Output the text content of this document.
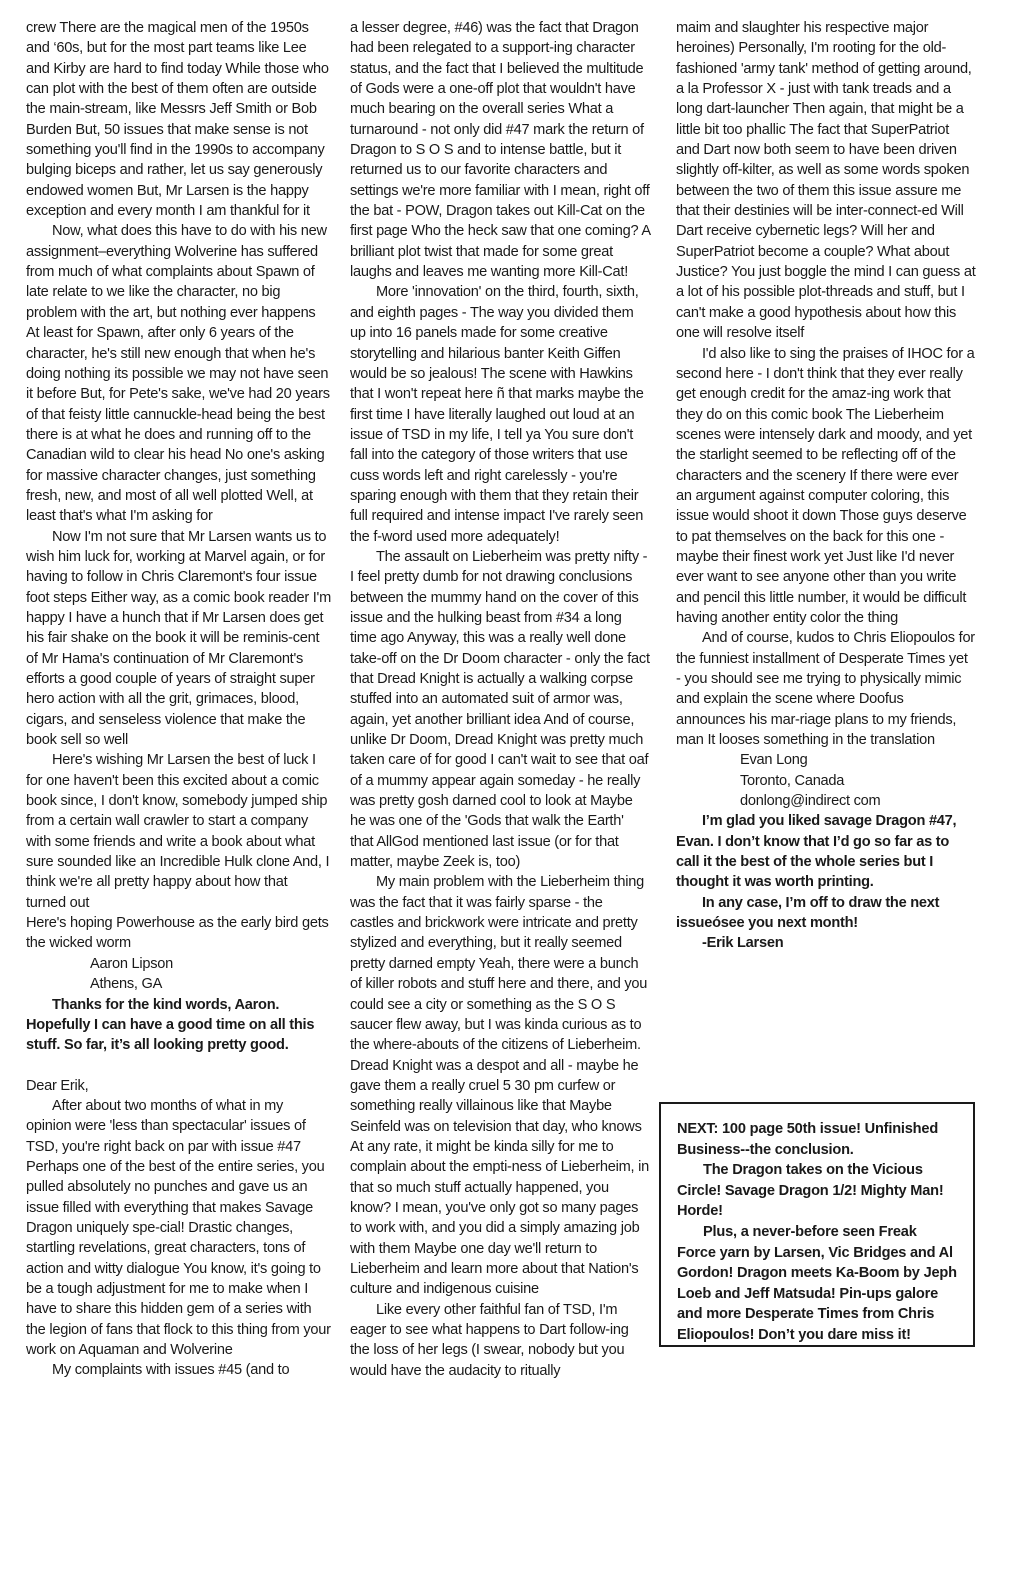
crew There are the magical men of the 1950s and ‘60s, but for the most part teams like Lee and Kirby are hard to find today While those who can plot with the best of them often are outside the main-stream, like Messrs Jeff Smith or Bob Burden But, 50 issues that make sense is not something you'll find in the 1990s to accompany bulging biceps and rather, let us say generously endowed women But, Mr Larsen is the happy exception and every month I am thankful for it

Now, what does this have to do with his new assignment–everything Wolverine has suffered from much of what complaints about Spawn of late relate to we like the character, no big problem with the art, but nothing ever happens At least for Spawn, after only 6 years of the character, he's still new enough that when he's doing nothing its possible we may not have seen it before But, for Pete's sake, we've had 20 years of that feisty little cannuckle-head being the best there is at what he does and running off to the Canadian wild to clear his head No one's asking for massive character changes, just something fresh, new, and most of all well plotted Well, at least that's what I'm asking for

Now I'm not sure that Mr Larsen wants us to wish him luck for, working at Marvel again, or for having to follow in Chris Claremont's four issue foot steps Either way, as a comic book reader I'm happy I have a hunch that if Mr Larsen does get his fair shake on the book it will be reminis-cent of Mr Hama's continuation of Mr Claremont's efforts a good couple of years of straight super hero action with all the grit, grimaces, blood, cigars, and senseless violence that make the book sell so well

Here's wishing Mr Larsen the best of luck I for one haven't been this excited about a comic book since, I don't know, somebody jumped ship from a certain wall crawler to start a company with some friends and write a book about what sure sounded like an Incredible Hulk clone And, I think we're all pretty happy about how that turned out

Here's hoping Powerhouse as the early bird gets the wicked worm

Aaron Lipson

Athens, GA

Thanks for the kind words, Aaron. Hopefully I can have a good time on all this stuff. So far, it’s all looking pretty good.

Dear Erik,

After about two months of what in my opinion were 'less than spectacular' issues of TSD, you're right back on par with issue #47 Perhaps one of the best of the entire series, you pulled absolutely no punches and gave us an issue filled with everything that makes Savage Dragon uniquely spe-cial! Drastic changes, startling revelations, great characters, tons of action and witty dialogue You know, it's going to be a tough adjustment for me to make when I have to share this hidden gem of a series with the legion of fans that flock to this thing from your work on Aquaman and Wolverine

My complaints with issues #45 (and to

a lesser degree, #46) was the fact that Dragon had been relegated to a support-ing character status, and the fact that I believed the multitude of Gods were a one-off plot that wouldn't have much bearing on the overall series What a turnaround - not only did #47 mark the return of Dragon to S O S and to intense battle, but it returned us to our favorite characters and settings we're more familiar with I mean, right off the bat - POW, Dragon takes out Kill-Cat on the first page Who the heck saw that one coming? A brilliant plot twist that made for some great laughs and leaves me wanting more Kill-Cat!

More 'innovation' on the third, fourth, sixth, and eighth pages - The way you divided them up into 16 panels made for some creative storytelling and hilarious banter Keith Giffen would be so jealous! The scene with Hawkins that I won't repeat here ñ that marks maybe the first time I have literally laughed out loud at an issue of TSD in my life, I tell ya You sure don't fall into the category of those writers that use cuss words left and right carelessly - you're sparing enough with them that they retain their full required and intense impact I've rarely seen the f-word used more adequately!

The assault on Lieberheim was pretty nifty - I feel pretty dumb for not drawing conclusions between the mummy hand on the cover of this issue and the hulking beast from #34 a long time ago Anyway, this was a really well done take-off on the Dr Doom character - only the fact that Dread Knight is actually a walking corpse stuffed into an automated suit of armor was, again, yet another brilliant idea And of course, unlike Dr Doom, Dread Knight was pretty much taken care of for good I can't wait to see that oaf of a mummy appear again someday - he really was pretty gosh darned cool to look at Maybe he was one of the 'Gods that walk the Earth' that AllGod mentioned last issue (or for that matter, maybe Zeek is, too)

My main problem with the Lieberheim thing was the fact that it was fairly sparse - the castles and brickwork were intricate and pretty stylized and everything, but it really seemed pretty darned empty Yeah, there were a bunch of killer robots and stuff here and there, and you could see a city or something as the S O S saucer flew away, but I was kinda curious as to the where-abouts of the citizens of Lieberheim. Dread Knight was a despot and all - maybe he gave them a really cruel 5 30 pm curfew or something really villainous like that Maybe Seinfeld was on television that day, who knows At any rate, it might be kinda silly for me to complain about the empti-ness of Lieberheim, in that so much stuff actually happened, you know? I mean, you've only got so many pages to work with, and you did a simply amazing job with them Maybe one day we'll return to Lieberheim and learn more about that Nation's culture and indigenous cuisine

Like every other faithful fan of TSD, I'm eager to see what happens to Dart follow-ing the loss of her legs (I swear, nobody but you would have the audacity to ritually

maim and slaughter his respective major heroines) Personally, I'm rooting for the old-fashioned 'army tank' method of getting around, a la Professor X - just with tank treads and a long dart-launcher Then again, that might be a little bit too phallic The fact that SuperPatriot and Dart now both seem to have been driven slightly off-kilter, as well as some words spoken between the two of them this issue assure me that their destinies will be inter-connect-ed Will Dart receive cybernetic legs? Will her and SuperPatriot become a couple? What about Justice? You just boggle the mind I can guess at a lot of his possible plot-threads and stuff, but I can't make a good hypothesis about how this one will resolve itself

I'd also like to sing the praises of IHOC for a second here - I don't think that they ever really get enough credit for the amaz-ing work that they do on this comic book The Lieberheim scenes were intensely dark and moody, and yet the starlight seemed to be reflecting off of the characters and the scenery If there were ever an argument against computer coloring, this issue would shoot it down Those guys deserve to pat themselves on the back for this one - maybe their finest work yet Just like I'd never ever want to see anyone other than you write and pencil this little number, it would be difficult having another entity color the thing

And of course, kudos to Chris Eliopoulos for the funniest installment of Desperate Times yet - you should see me trying to physically mimic and explain the scene where Doofus announces his mar-riage plans to my friends, man It looses something in the translation

Evan Long

Toronto, Canada

donlong@indirect com

I’m glad you liked savage Dragon #47, Evan. I don’t know that I’d go so far as to call it the best of the whole series but I thought it was worth printing.

In any case, I’m off to draw the next issueósee you next month!

-Erik Larsen

NEXT: 100 page 50th issue! Unfinished Business--the conclusion.

The Dragon takes on the Vicious Circle! Savage Dragon 1/2! Mighty Man! Horde!

Plus, a never-before seen Freak Force yarn by Larsen, Vic Bridges and Al Gordon! Dragon meets Ka-Boom by Jeph Loeb and Jeff Matsuda! Pin-ups galore and more Desperate Times from Chris Eliopoulos! Don’t you dare miss it!
